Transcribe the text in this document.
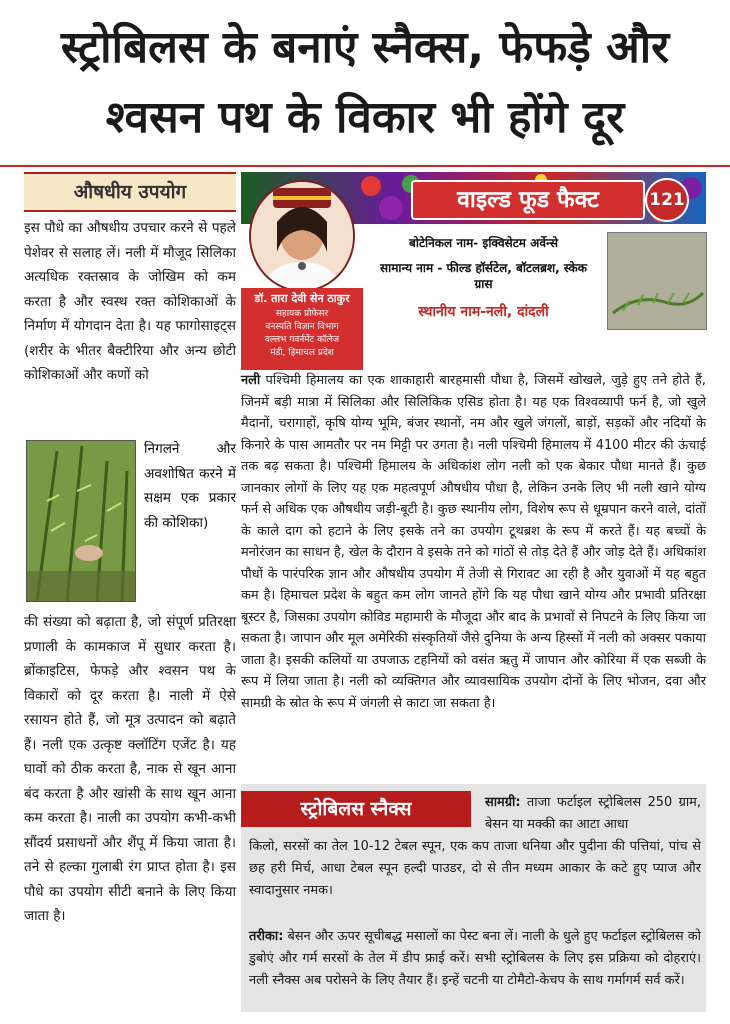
स्ट्रोबिलस के बनाएं स्नैक्स, फेफड़े और
श्वसन पथ के विकार भी होंगे दूर
औषधीय उपयोग
इस पौधे का औषधीय उपचार करने से पहले पेशेवर से सलाह लें। नली में मौजूद सिलिका अत्यधिक रक्तस्राव के जोखिम को कम करता है और स्वस्थ रक्त कोशिकाओं के निर्माण में योगदान देता है। यह फागोसाइट्स (शरीर के भीतर बैक्टीरिया और अन्य छोटी कोशिकाओं और कणों को
निगलने और अवशोषित करने में सक्षम एक प्रकार की कोशिका)
की संख्या को बढ़ाता है, जो संपूर्ण प्रतिरक्षा प्रणाली के कामकाज में सुधार करता है। ब्रोंकाइटिस, फेफड़े और श्वसन पथ के विकारों को दूर करता है। नाली में ऐसे रसायन होते हैं, जो मूत्र उत्पादन को बढ़ाते हैं। नली एक उत्कृष्ट क्लॉटिंग एजेंट है। यह घावों को ठीक करता है, नाक से खून आना बंद करता है और खांसी के साथ खून आना कम करता है। नाली का उपयोग कभी-कभी सौंदर्य प्रसाधनों और शैंपू में किया जाता है। तने से हल्का गुलाबी रंग प्राप्त होता है। इस पौधे का उपयोग सीटी बनाने के लिए किया जाता है।
वाइल्ड फूड फैक्ट	121
डॉ. तारा देवी सेन ठाकुर
सहायक प्रोफेसर
वनस्पति विज्ञान विभाग
वल्लभ गवर्नमेंट कॉलेज
मंडी, हिमाचल प्रदेश
बोटेनिकल नाम- इक्विसेटम अर्वेन्से
सामान्य नाम - फील्ड हॉर्सटेल, बॉटलब्रश, स्केक ग्रास
स्थानीय नाम-नली, दांदली
नली पश्चिमी हिमालय का एक शाकाहारी बारहमासी पौधा है, जिसमें खोखले, जुड़े हुए तने होते हैं, जिनमें बड़ी मात्रा में सिलिका और सिलिकिक एसिड होता है। यह एक विश्वव्यापी फर्न है, जो खुले मैदानों, चरागाहों, कृषि योग्य भूमि, बंजर स्थानों, नम और खुले जंगलों, बाड़ों, सड़कों और नदियों के किनारे के पास आमतौर पर नम मिट्टी पर उगता है। नली पश्चिमी हिमालय में 4100 मीटर की ऊंचाई तक बढ़ सकता है। पश्चिमी हिमालय के अधिकांश लोग नली को एक बेकार पौधा मानते हैं। कुछ जानकार लोगों के लिए यह एक महत्वपूर्ण औषधीय पौधा है, लेकिन उनके लिए भी नली खाने योग्य फर्न से अधिक एक औषधीय जड़ी-बूटी है। कुछ स्थानीय लोग, विशेष रूप से धूम्रपान करने वाले, दांतों के काले दाग को हटाने के लिए इसके तने का उपयोग टूथब्रश के रूप में करते हैं। यह बच्चों के मनोरंजन का साधन है, खेल के दौरान वे इसके तने को गांठों से तोड़ देते हैं और जोड़ देते हैं। अधिकांश पौधों के पारंपरिक ज्ञान और औषधीय उपयोग में तेजी से गिरावट आ रही है और युवाओं में यह बहुत कम है। हिमाचल प्रदेश के बहुत कम लोग जानते होंगे कि यह पौधा खाने योग्य और प्रभावी प्रतिरक्षा बूस्टर है, जिसका उपयोग कोविड महामारी के मौजूदा और बाद के प्रभावों से निपटने के लिए किया जा सकता है। जापान और मूल अमेरिकी संस्कृतियों जैसे दुनिया के अन्य हिस्सों में नली को अक्सर पकाया जाता है। इसकी कलियों या उपजाऊ टहनियों को वसंत ऋतु में जापान और कोरिया में एक सब्जी के रूप में लिया जाता है। नली को व्यक्तिगत और व्यावसायिक उपयोग दोनों के लिए भोजन, दवा और सामग्री के स्रोत के रूप में जंगली से काटा जा सकता है।
स्ट्रोबिलस स्नैक्स	सामग्री: ताजा फर्टाइल स्ट्रोबिलस 250 ग्राम, बेसन या मक्की का आटा आधा
किलो, सरसों का तेल 10-12 टेबल स्पून, एक कप ताजा धनिया और पुदीना की पत्तियां, पांच से छह हरी मिर्च, आधा टेबल स्पून हल्दी पाउडर, दो से तीन मध्यम आकार के कटे हुए प्याज और स्वादानुसार नमक।
तरीका: बेसन और ऊपर सूचीबद्ध मसालों का पेस्ट बना लें। नाली के धुले हुए फर्टाइल स्ट्रोबिलस को डुबोएं और गर्म सरसों के तेल में डीप फ्राई करें। सभी स्ट्रोबिलस के लिए इस प्रक्रिया को दोहराएं। नली स्नैक्स अब परोसने के लिए तैयार हैं। इन्हें चटनी या टोमैटो-केचप के साथ गर्मागर्म सर्व करें।
